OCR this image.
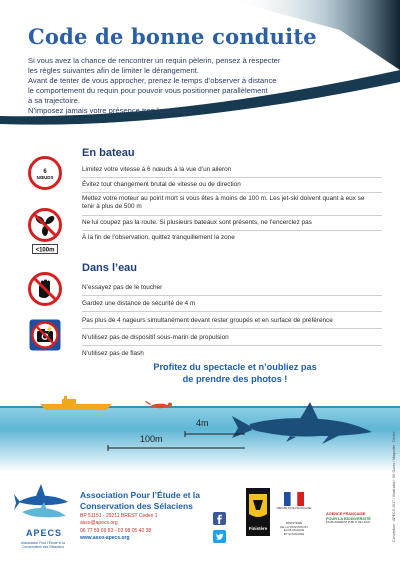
Code de bonne conduite

Si vous avez la chance de rencontrer un requin pèlerin, pensez à respecter

les règles suivantes afin de limiter le dérangement.

Avant de tenter de vous approcher, prenez le temps d’observer à distance

le comportement du requin pour pouvoir vous positionner parallèlement

à sa trajectoire.

N’imposez jamais votre présence trop longtemps.

En bateau
6
NŒUDS
<100m
Limitez votre vitesse à 6 nœuds à la vue d’un aileron
Évitez tout changement brutal de vitesse ou de direction
Mettez votre moteur au point mort si vous êtes à moins de 100 m. Les jet-ski doivent quant à eux se tenir à plus de 500 m
Ne lui coupez pas la route. Si plusieurs bateaux sont présents, ne l’encerclez pas
À la fin de l’observation, quittez tranquillement la zone
Dans l’eau
N’essayez pas de le toucher
Gardez une distance de sécurité de 4 m
Pas plus de 4 nageurs simultanément devant rester groupés et en surface de préférence
N’utilisez pas de dispositif sous-marin de propulsion
N’utilisez pas de flash
Profitez du spectacle et n’oubliez pas
de prendre des photos !
4m
100m
APECS
Association Pour l’Étude et la Conservation des Sélaciens
Association Pour l’Étude et la
Conservation des Sélaciens
BP 51151 - 29211 BREST Cedex 1
asso@apecs.org
06 77 59 69 83 - 02 98 05 40 38
www.asso-apecs.org
Finistère
RÉPUBLIQUE FRANÇAISE
MINISTÈRE
DE LA TRANSITION
ÉCOLOGIQUE
ET SOLIDAIRE
AGENCE FRANÇAISE
POUR LA BIODIVERSITÉ
ÉTABLISSEMENT PUBLIC DE L’ÉTAT	Conception : APECS 2017 / Illustration : M. Guieu / Maquette : Dédée
